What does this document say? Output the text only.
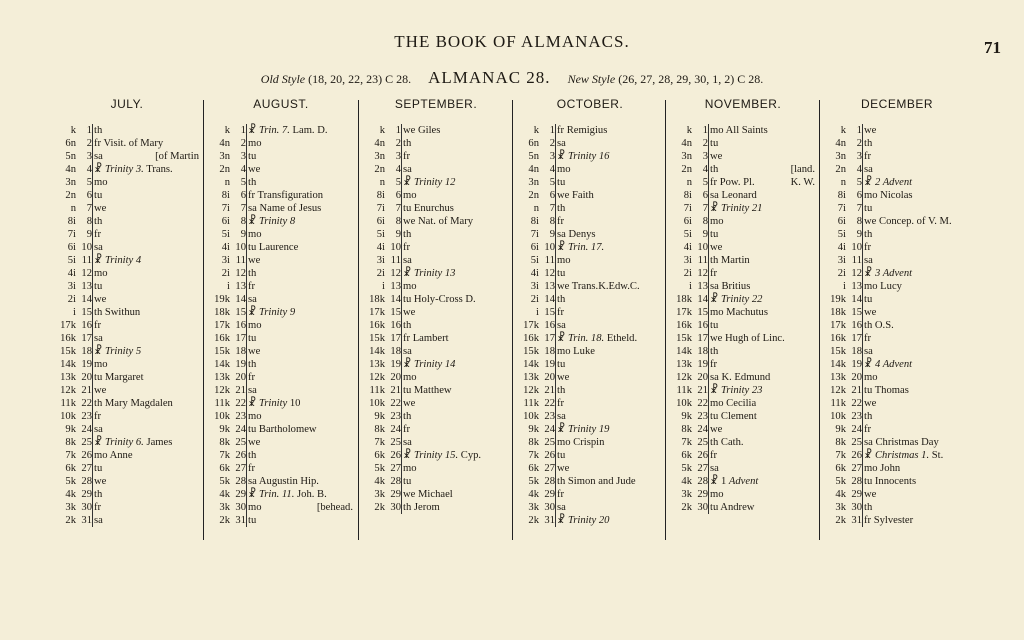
THE BOOK OF ALMANACS.	71
Old Style (18, 20, 22, 23) C 28. ALMANAC 28. New Style (26, 27, 28, 29, 30, 1, 2) C 28.
JULY.
k	1 th
6n	2 fr Visit. of Mary
5n	3 sa	[of Martin
4n	4 ☧ Trinity 3. Trans.
3n	5 mo
2n	6 tu
n	7 we
8i	8 th
7i	9 fr
6i 10 sa
5i 11 ☧ Trinity 4
4i 12 mo
3i 13 tu
2i 14 we
i 15 th Swithun
17k 16 fr
16k 17 sa
15k 18 ☧ Trinity 5
14k 19 mo
13k 20 tu Margaret
12k 21 we
11k 22 th Mary Magdalen
10k 23 fr
9k 24 sa
8k 25 ☧ Trinity 6. James
7k 26 mo Anne
6k 27 tu
5k 28 we
4k 29 th
3k 30 fr
2k 31 sa
AUGUST.
k	1 ☧ Trin. 7. Lam. D.
4n	2 mo
3n	3 tu
2n	4 we
n	5 th
8i	6 fr Transfiguration
7i	7 sa Name of Jesus
6i	8 ☧ Trinity 8
5i	9 mo
4i 10 tu Laurence
3i 11 we
2i 12 th
i 13 fr
19k 14 sa
18k 15 ☧ Trinity 9
17k 16 mo
16k 17 tu
15k 18 we
14k 19 th
13k 20 fr
12k 21 sa
11k 22 ☧ Trinity 10
10k 23 mo
9k 24 tu Bartholomew
8k 25 we
7k 26 th
6k 27 fr
5k 28 sa Augustin Hip.
4k 29 ☧ Trin. 11. Joh. B.
3k 30 mo	[behead.
2k 31 tu
SEPTEMBER.
k	1 we Giles
4n	2 th
3n	3 fr
2n	4 sa
n	5 ☧ Trinity 12
8i	6 mo
7i	7 tu Enurchus
6i	8 we Nat. of Mary
5i	9 th
4i 10 fr
3i 11 sa
2i 12 ☧ Trinity 13
i 13 mo
18k 14 tu Holy-Cross D.
17k 15 we
16k 16 th
15k 17 fr Lambert
14k 18 sa
13k 19 ☧ Trinity 14
12k 20 mo
11k 21 tu Matthew
10k 22 we
9k 23 th
8k 24 fr
7k 25 sa
6k 26 ☧ Trinity 15. Cyp.
5k 27 mo
4k 28 tu
3k 29 we Michael
2k 30 th Jerom
OCTOBER.
k	1 fr Remigius
6n	2 sa
5n	3 ☧ Trinity 16
4n	4 mo
3n	5 tu
2n	6 we Faith
n	7 th
8i	8 fr
7i	9 sa Denys
6i 10 ☧ Trin. 17.
5i 11 mo
4i 12 tu
3i 13 we Trans.K.Edw.C.
2i 14 th
i 15 fr
17k 16 sa
16k 17 ☧ Trin. 18. Etheld.
15k 18 mo Luke
14k 19 tu
13k 20 we
12k 21 th
11k 22 fr
10k 23 sa
9k 24 ☧ Trinity 19
8k 25 mo Crispin
7k 26 tu
6k 27 we
5k 28 th Simon and Jude
4k 29 fr
3k 30 sa
2k 31 ☧ Trinity 20
NOVEMBER.
k	1 mo All Saints
4n	2 tu
3n	3 we
2n	4 th	[land.
n	5 fr Pow. Pl.	K. W.
8i	6 sa Leonard
7i	7 ☧ Trinity 21
6i	8 mo
5i	9 tu
4i 10 we
3i 11 th Martin
2i 12 fr
i 13 sa Britius
18k 14 ☧ Trinity 22
17k 15 mo Machutus
16k 16 tu
15k 17 we Hugh of Linc.
14k 18 th
13k 19 fr
12k 20 sa K. Edmund
11k 21 ☧ Trinity 23
10k 22 mo Cecilia
9k 23 tu Clement
8k 24 we
7k 25 th Cath.
6k 26 fr
5k 27 sa
4k 28 ☧ 1 Advent
3k 29 mo
2k 30 tu Andrew
DECEMBER
k	1 we
4n	2 th
3n	3 fr
2n	4 sa
n	5 ☧ 2 Advent
8i	6 mo Nicolas
7i	7 tu
6i	8 we Concep. of V. M.
5i	9 th
4i 10 fr
3i 11 sa
2i 12 ☧ 3 Advent
i 13 mo Lucy
19k 14 tu
18k 15 we
17k 16 th O.S.
16k 17 fr
15k 18 sa
14k 19 ☧ 4 Advent
13k 20 mo
12k 21 tu Thomas
11k 22 we
10k 23 th
9k 24 fr
8k 25 sa Christmas Day
7k 26 ☧ Christmas 1. St.
6k 27 mo John
5k 28 tu Innocents
4k 29 we
3k 30 th
2k 31 fr Sylvester
